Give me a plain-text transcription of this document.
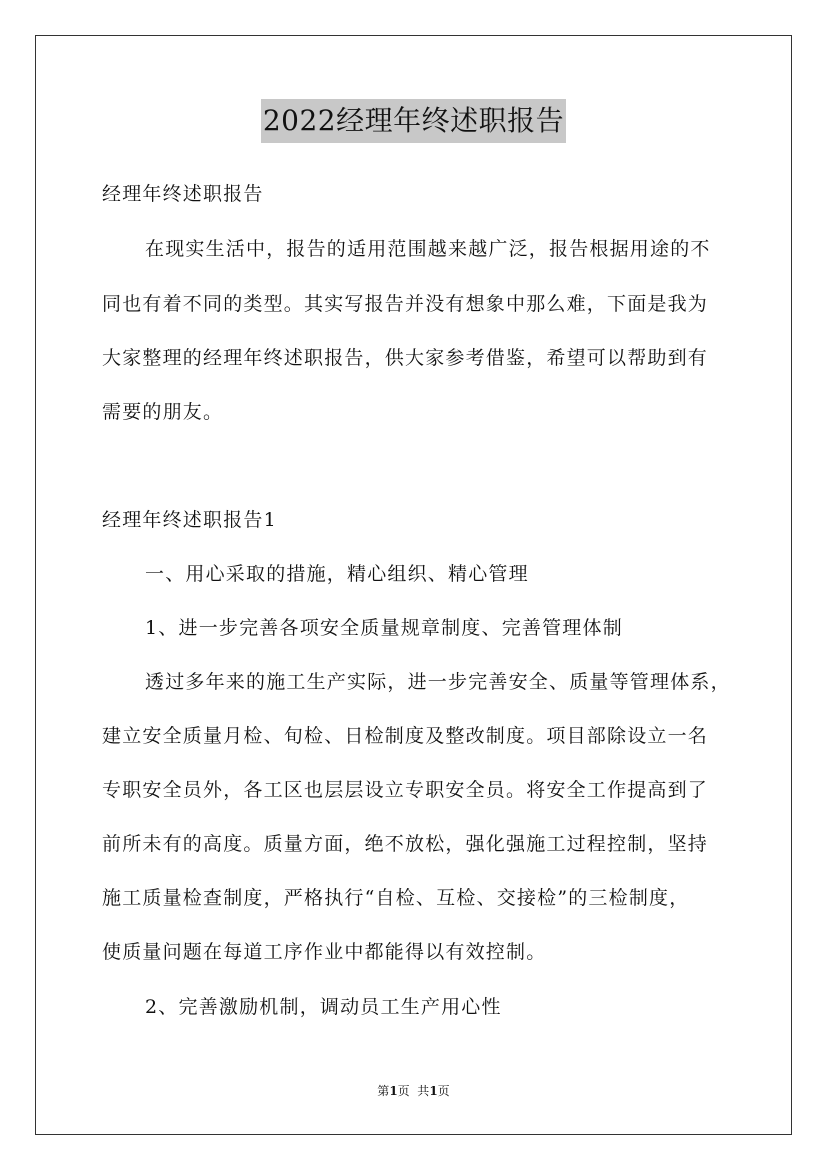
2022经理年终述职报告
经理年终述职报告
在现实生活中，报告的适用范围越来越广泛，报告根据用途的不
同也有着不同的类型。其实写报告并没有想象中那么难，下面是我为
大家整理的经理年终述职报告，供大家参考借鉴，希望可以帮助到有
需要的朋友。
经理年终述职报告1
一、用心采取的措施，精心组织、精心管理
1、进一步完善各项安全质量规章制度、完善管理体制
透过多年来的施工生产实际，进一步完善安全、质量等管理体系，
建立安全质量月检、旬检、日检制度及整改制度。项目部除设立一名
专职安全员外，各工区也层层设立专职安全员。将安全工作提高到了
前所未有的高度。质量方面，绝不放松，强化强施工过程控制，坚持
施工质量检查制度，严格执行“自检、互检、交接检”的三检制度，
使质量问题在每道工序作业中都能得以有效控制。
2、完善激励机制，调动员工生产用心性
第1页  共1页
